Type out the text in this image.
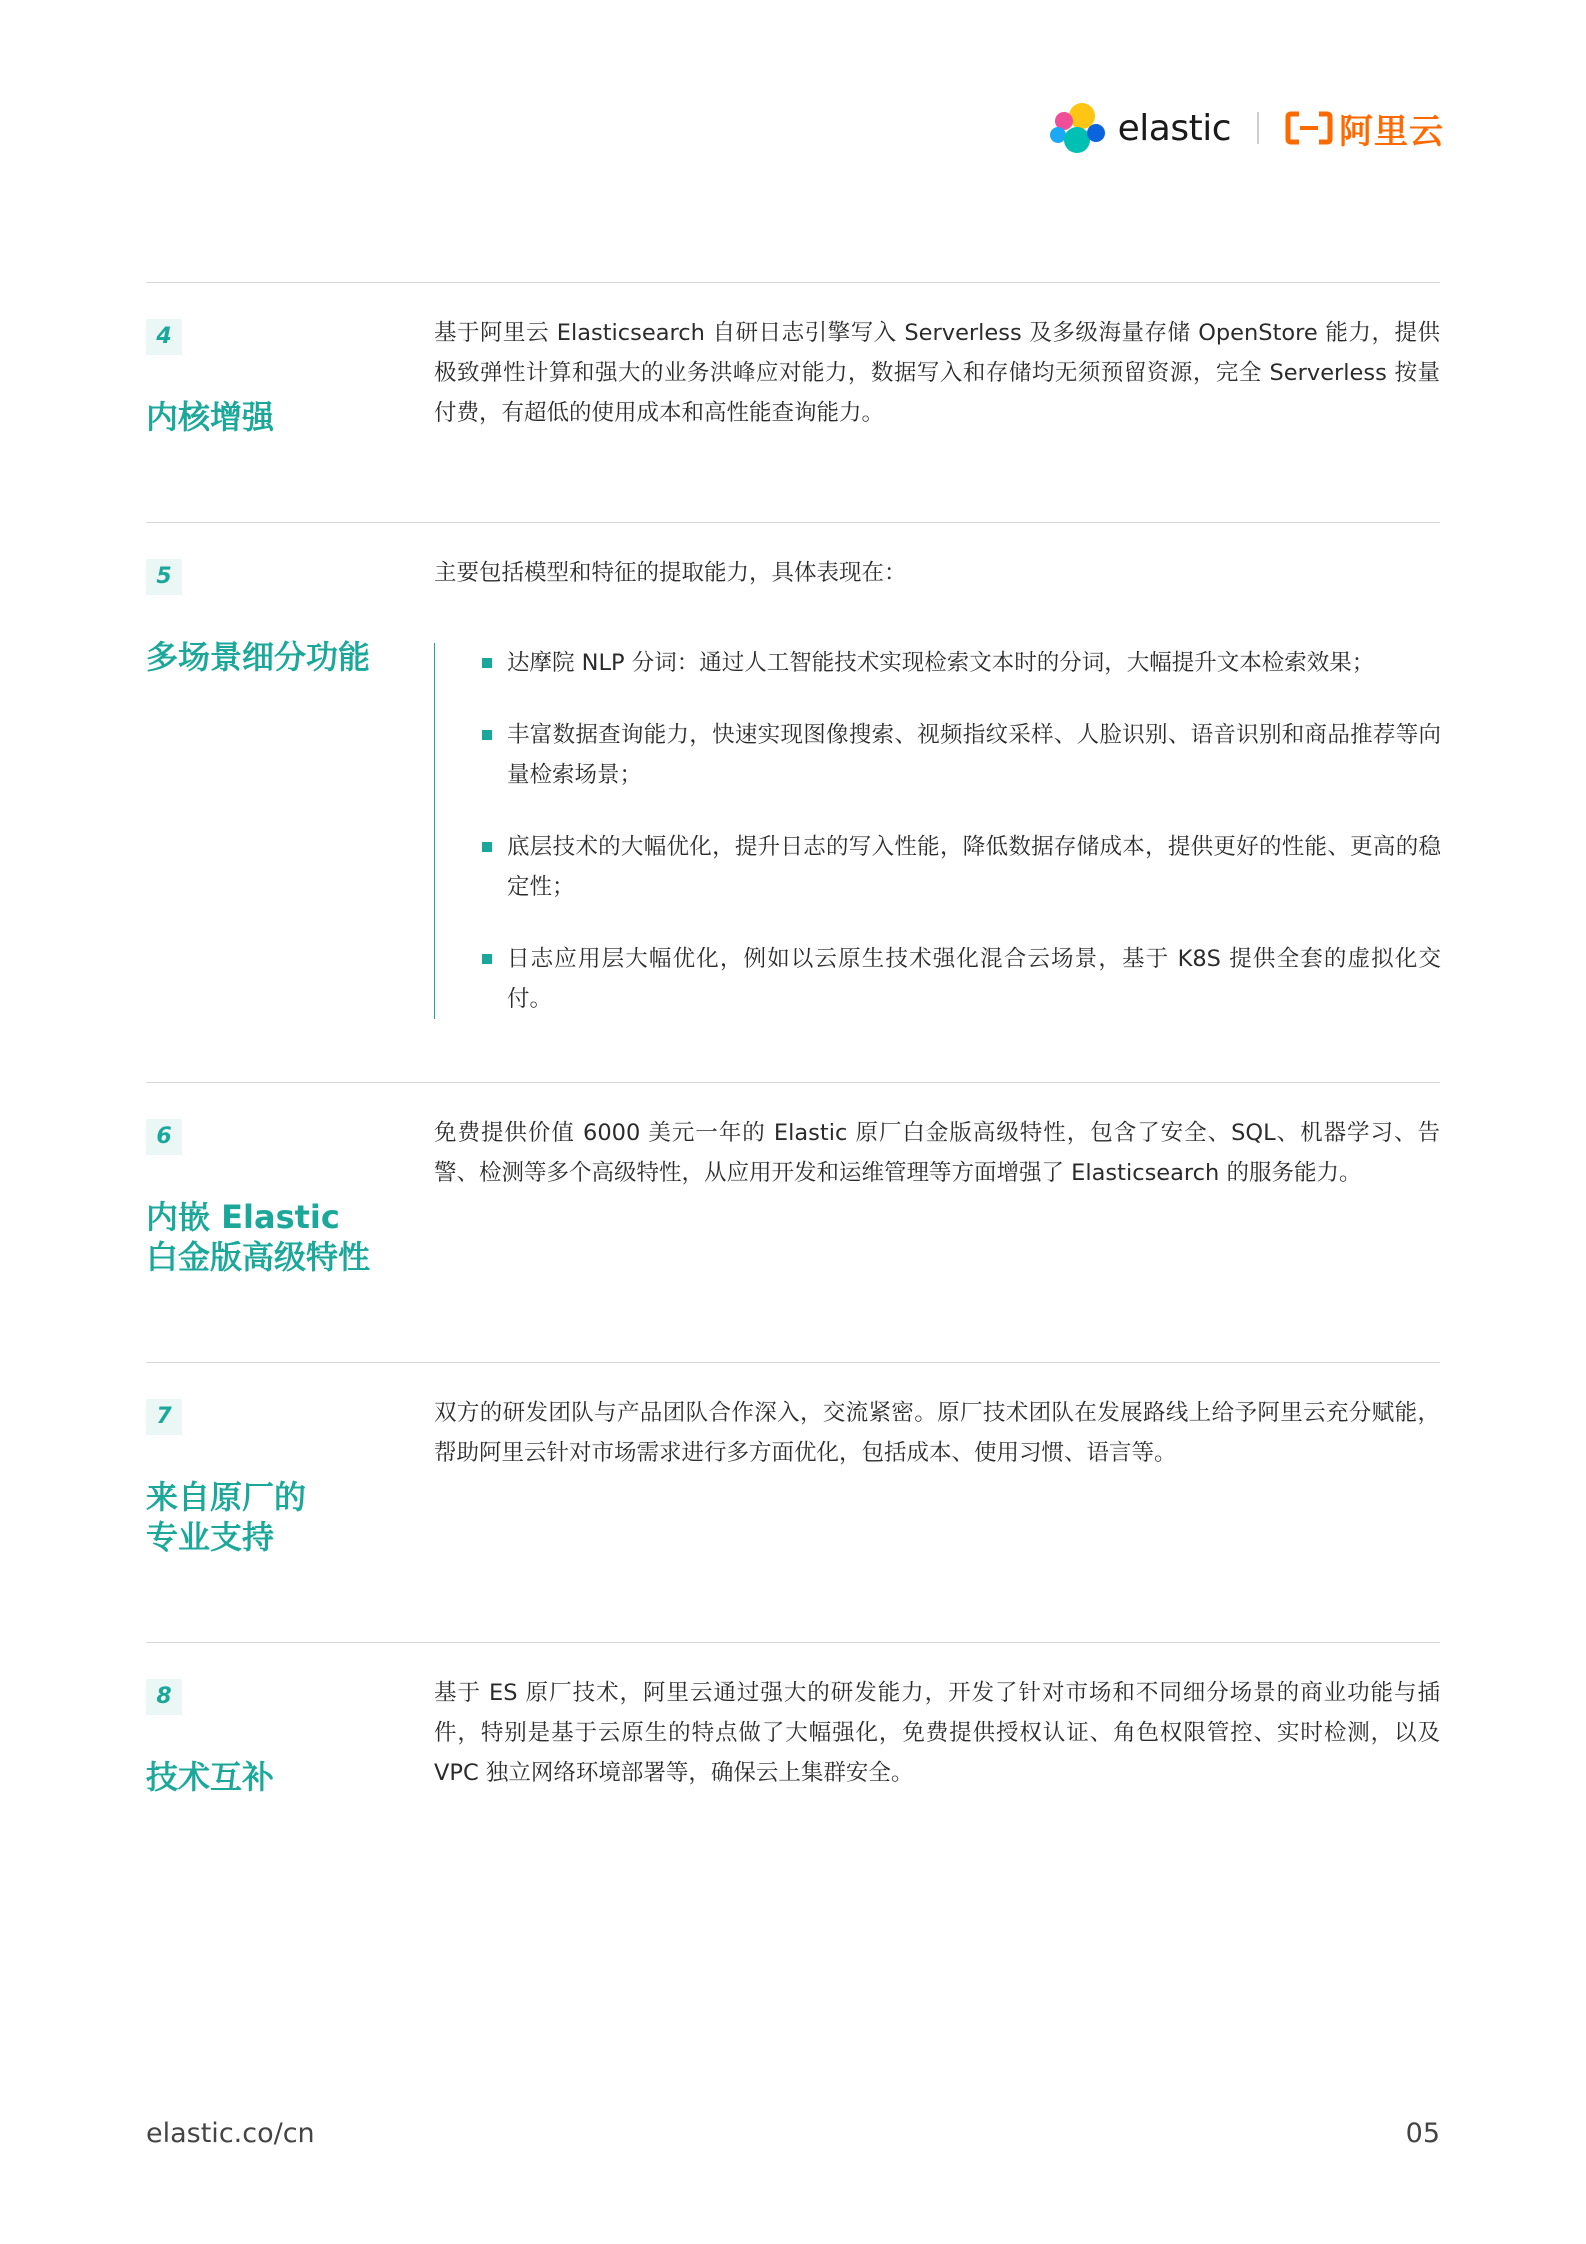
elastic	阿里云
4
内核增强
基于阿里云 Elasticsearch 自研日志引擎写入 Serverless 及多级海量存储 OpenStore 能力，提供极致弹性计算和强大的业务洪峰应对能力，数据写入和存储均无须预留资源，完全 Serverless 按量付费，有超低的使用成本和高性能查询能力。
5
多场景细分功能
主要包括模型和特征的提取能力，具体表现在：
达摩院 NLP 分词：通过人工智能技术实现检索文本时的分词，大幅提升文本检索效果；
丰富数据查询能力，快速实现图像搜索、视频指纹采样、人脸识别、语音识别和商品推荐等向量检索场景；
底层技术的大幅优化，提升日志的写入性能，降低数据存储成本，提供更好的性能、更高的稳定性；
日志应用层大幅优化，例如以云原生技术强化混合云场景，基于 K8S 提供全套的虚拟化交付。
6
内嵌 Elastic
白金版高级特性
免费提供价值 6000 美元一年的 Elastic 原厂白金版高级特性，包含了安全、SQL、机器学习、告警、检测等多个高级特性，从应用开发和运维管理等方面增强了 Elasticsearch 的服务能力。
7
来自原厂的
专业支持
双方的研发团队与产品团队合作深入，交流紧密。原厂技术团队在发展路线上给予阿里云充分赋能，帮助阿里云针对市场需求进行多方面优化，包括成本、使用习惯、语言等。
8
技术互补
基于 ES 原厂技术，阿里云通过强大的研发能力，开发了针对市场和不同细分场景的商业功能与插件，特别是基于云原生的特点做了大幅强化，免费提供授权认证、角色权限管控、实时检测，以及 VPC 独立网络环境部署等，确保云上集群安全。
elastic.co/cn	05
